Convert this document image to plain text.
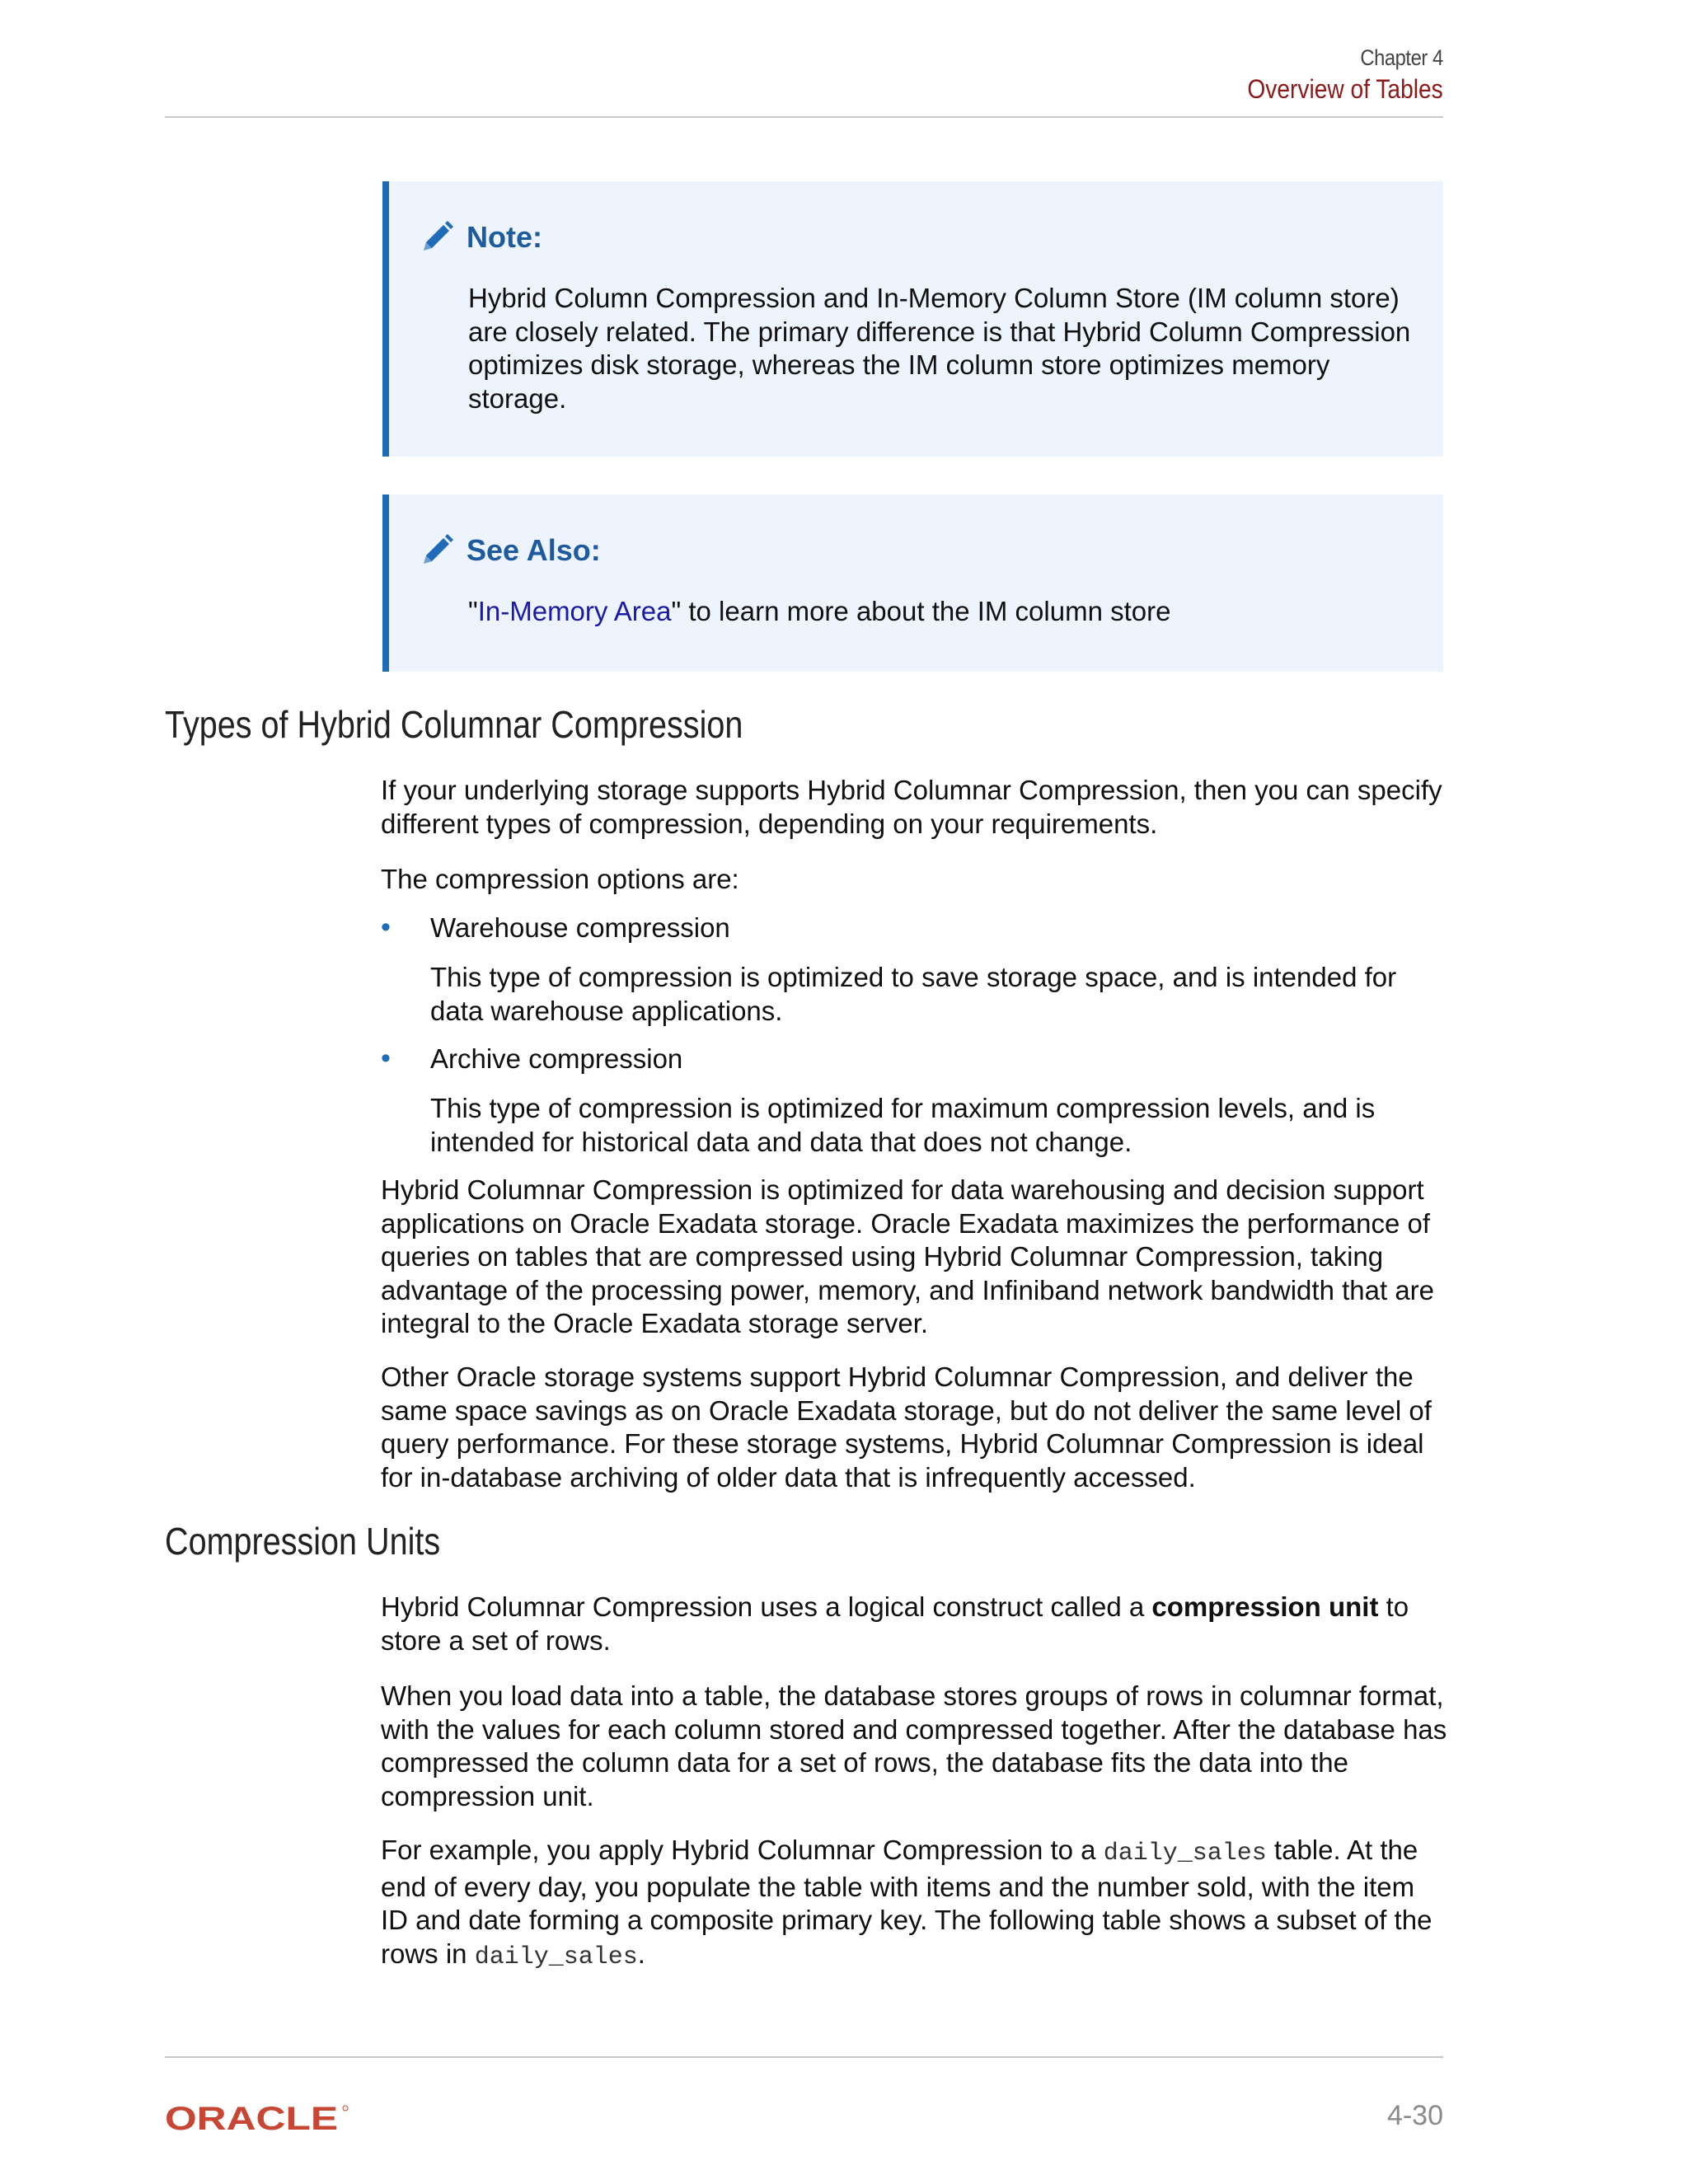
Chapter 4
Overview of Tables
Note:
Hybrid Column Compression and In-Memory Column Store (IM column store) are closely related. The primary difference is that Hybrid Column Compression optimizes disk storage, whereas the IM column store optimizes memory storage.
See Also:
"In-Memory Area" to learn more about the IM column store
Types of Hybrid Columnar Compression
If your underlying storage supports Hybrid Columnar Compression, then you can specify different types of compression, depending on your requirements.
The compression options are:
• Warehouse compression
This type of compression is optimized to save storage space, and is intended for data warehouse applications.
• Archive compression
This type of compression is optimized for maximum compression levels, and is intended for historical data and data that does not change.
Hybrid Columnar Compression is optimized for data warehousing and decision support applications on Oracle Exadata storage. Oracle Exadata maximizes the performance of queries on tables that are compressed using Hybrid Columnar Compression, taking advantage of the processing power, memory, and Infiniband network bandwidth that are integral to the Oracle Exadata storage server.
Other Oracle storage systems support Hybrid Columnar Compression, and deliver the same space savings as on Oracle Exadata storage, but do not deliver the same level of query performance. For these storage systems, Hybrid Columnar Compression is ideal for in-database archiving of older data that is infrequently accessed.
Compression Units
Hybrid Columnar Compression uses a logical construct called a compression unit to store a set of rows.
When you load data into a table, the database stores groups of rows in columnar format, with the values for each column stored and compressed together. After the database has compressed the column data for a set of rows, the database fits the data into the compression unit.
For example, you apply Hybrid Columnar Compression to a daily_sales table. At the end of every day, you populate the table with items and the number sold, with the item ID and date forming a composite primary key. The following table shows a subset of the rows in daily_sales.
ORACLE	4-30
